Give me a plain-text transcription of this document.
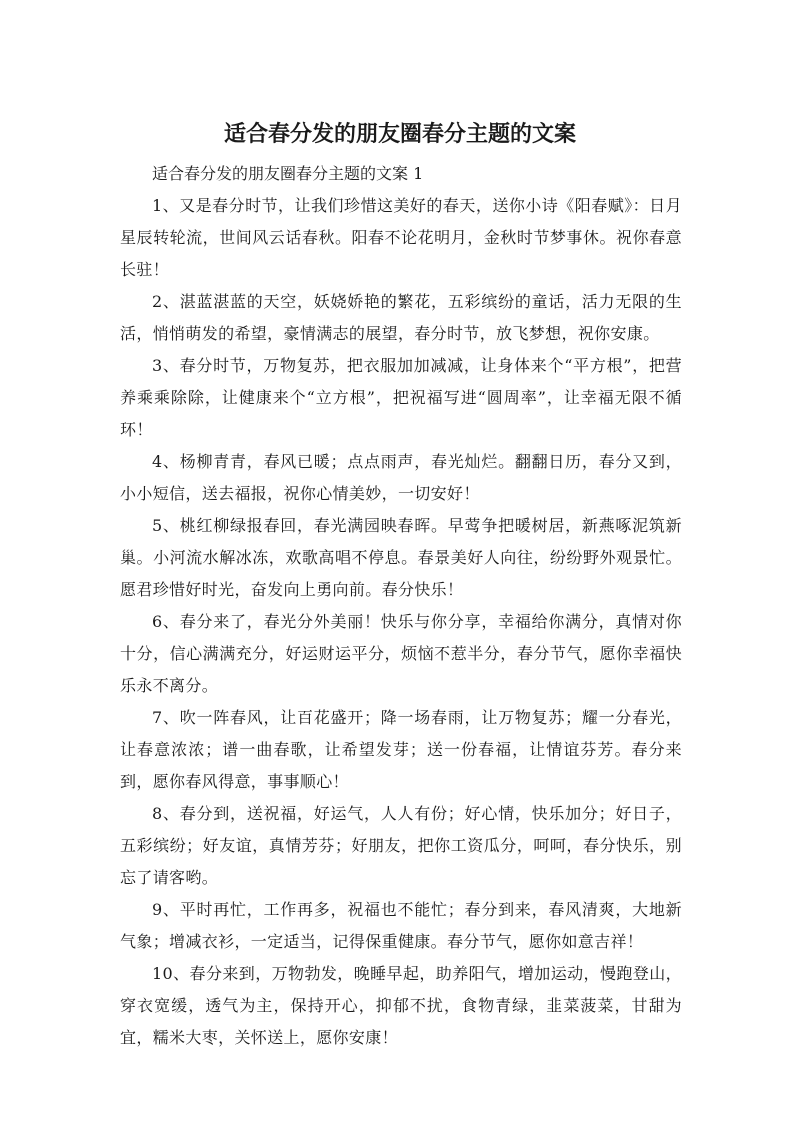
适合春分发的朋友圈春分主题的文案

适合春分发的朋友圈春分主题的文案 1

1、又是春分时节，让我们珍惜这美好的春天，送你小诗《阳春赋》：日月星辰转轮流，世间风云话春秋。阳春不论花明月，金秋时节梦事休。祝你春意长驻！

2、湛蓝湛蓝的天空，妖娆娇艳的繁花，五彩缤纷的童话，活力无限的生活，悄悄萌发的希望，豪情满志的展望，春分时节，放飞梦想，祝你安康。

3、春分时节，万物复苏，把衣服加加减减，让身体来个“平方根”，把营养乘乘除除，让健康来个“立方根”，把祝福写进“圆周率”，让幸福无限不循环！

4、杨柳青青，春风已暖；点点雨声，春光灿烂。翻翻日历，春分又到，小小短信，送去福报，祝你心情美妙，一切安好！

5、桃红柳绿报春回，春光满园映春晖。早莺争把暖树居，新燕啄泥筑新巢。小河流水解冰冻，欢歌高唱不停息。春景美好人向往，纷纷野外观景忙。愿君珍惜好时光，奋发向上勇向前。春分快乐！

6、春分来了，春光分外美丽！快乐与你分享，幸福给你满分，真情对你十分，信心满满充分，好运财运平分，烦恼不惹半分，春分节气，愿你幸福快乐永不离分。

7、吹一阵春风，让百花盛开；降一场春雨，让万物复苏；耀一分春光，让春意浓浓；谱一曲春歌，让希望发芽；送一份春福，让情谊芬芳。春分来到，愿你春风得意，事事顺心！

8、春分到，送祝福，好运气，人人有份；好心情，快乐加分；好日子，五彩缤纷；好友谊，真情芳芬；好朋友，把你工资瓜分，呵呵，春分快乐，别忘了请客哟。

9、平时再忙，工作再多，祝福也不能忙；春分到来，春风清爽，大地新气象；增减衣衫，一定适当，记得保重健康。春分节气，愿你如意吉祥！

10、春分来到，万物勃发，晚睡早起，助养阳气，增加运动，慢跑登山，穿衣宽缓，透气为主，保持开心，抑郁不扰，食物青绿，韭菜菠菜，甘甜为宜，糯米大枣，关怀送上，愿你安康！
